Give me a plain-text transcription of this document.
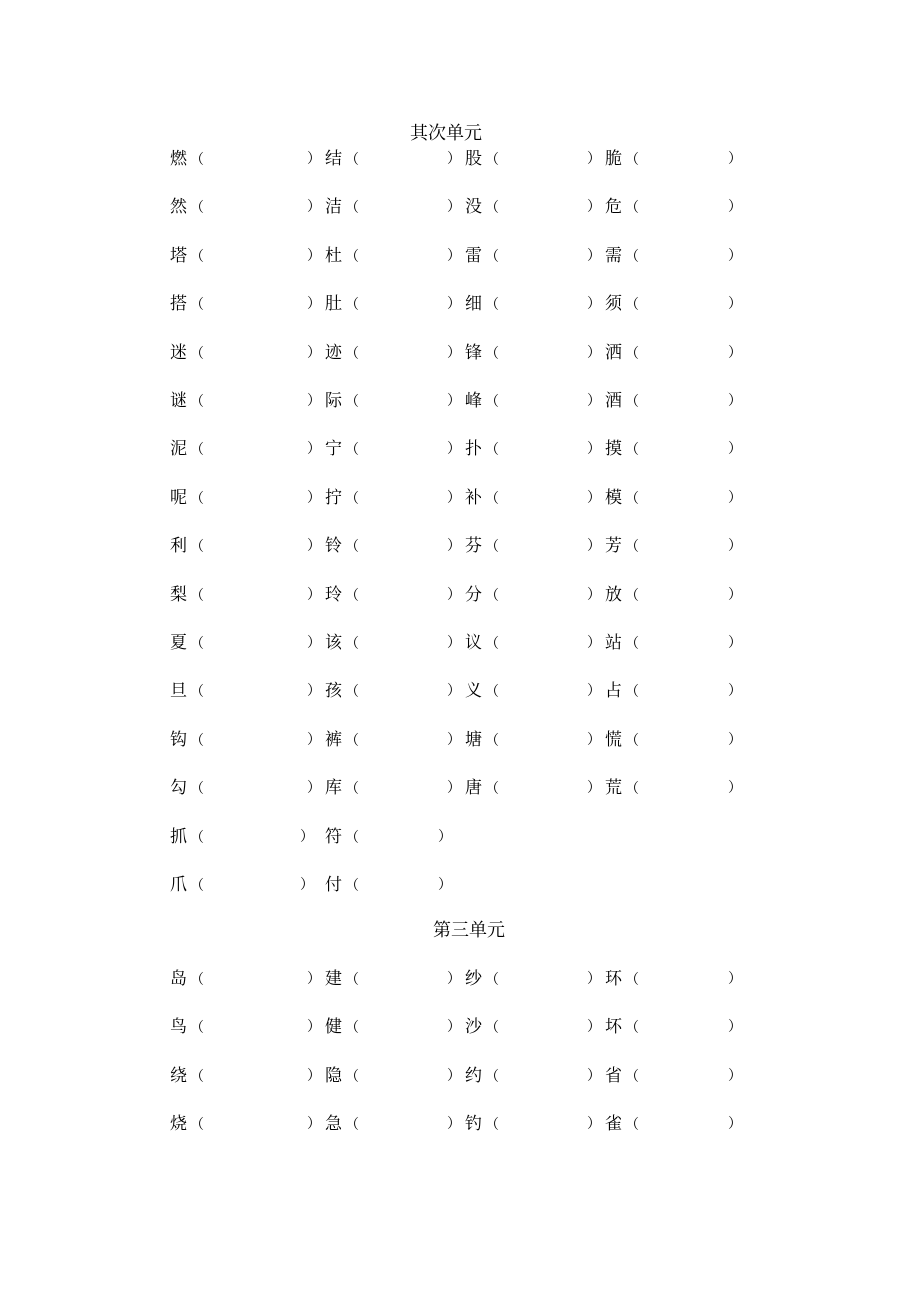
其次单元
燃 （	） 结 （	） 股 （	） 脆 （	）
然 （	） 洁 （	） 没 （	） 危 （	）
塔 （	） 杜 （	） 雷 （	） 需 （	）
搭 （	） 肚 （	） 细 （	） 须 （	）
迷 （	） 迹 （	） 锋 （	） 洒 （	）
谜 （	） 际 （	） 峰 （	） 酒 （	）
泥 （	） 宁 （	） 扑 （	） 摸 （	）
呢 （	） 拧 （	） 补 （	） 模 （	）
利 （	） 铃 （	） 芬 （	） 芳 （	）
梨 （	） 玲 （	） 分 （	） 放 （	）
夏 （	） 该 （	） 议 （	） 站 （	）
旦 （	） 孩 （	） 义 （	） 占 （	）
钩 （	） 裤 （	） 塘 （	） 慌 （	）
勾 （	） 库 （	） 唐 （	） 荒 （	）
抓 （	） 符 （	）
爪 （	） 付 （	）
第三单元
岛 （	） 建 （	） 纱 （	） 环 （	）
鸟 （	） 健 （	） 沙 （	） 坏 （	）
绕 （	） 隐 （	） 约 （	） 省 （	）
烧 （	） 急 （	） 钓 （	） 雀 （	）
